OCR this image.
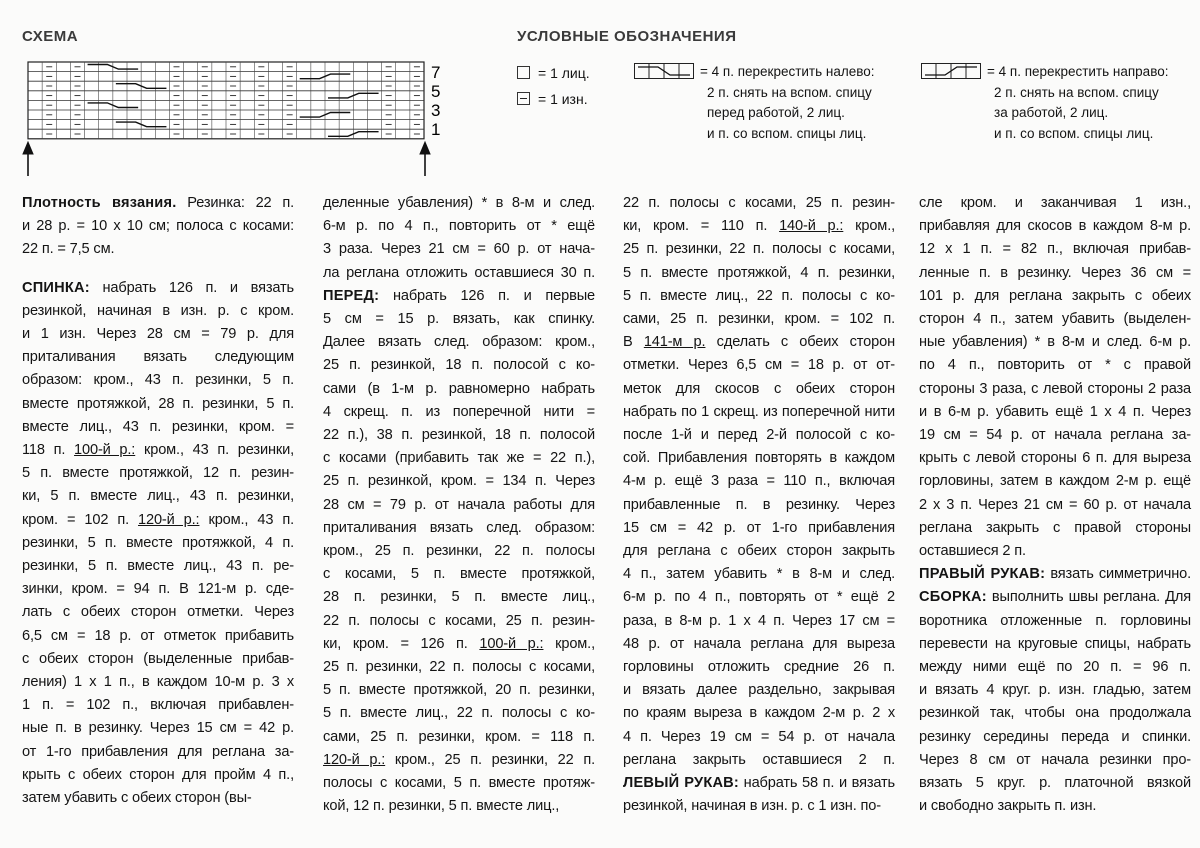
СХЕМА	УСЛОВНЫЕ ОБОЗНАЧЕНИЯ
7
5
3
1
= 1 лиц.
= 1 изн.
= 4 п. перекрестить налево:
2 п. снять на вспом. спицу
перед работой, 2 лиц.
и п. со вспом. спицы лиц.
= 4 п. перекрестить направо:
2 п. снять на вспом. спицу
за работой, 2 лиц.
и п. со вспом. спицы лиц.
Плотность вязания. Резинка: 22 п.
и 28 р. = 10 х 10 см; полоса с косами:
22 п. = 7,5 см.
СПИНКА: набрать 126 п. и вязать
резинкой, начиная в изн. р. с кром.
и 1 изн. Через 28 см = 79 р. для
приталивания вязать следующим
образом: кром., 43 п. резинки, 5 п.
вместе протяжкой, 28 п. резинки, 5 п.
вместе лиц., 43 п. резинки, кром. =
118 п. 100-й р.: кром., 43 п. резинки,
5 п. вместе протяжкой, 12 п. резин-
ки, 5 п. вместе лиц., 43 п. резинки,
кром. = 102 п. 120-й р.: кром., 43 п.
резинки, 5 п. вместе протяжкой, 4 п.
резинки, 5 п. вместе лиц., 43 п. ре-
зинки, кром. = 94 п. В 121-м р. сде-
лать с обеих сторон отметки. Через
6,5 см = 18 р. от отметок прибавить
с обеих сторон (выделенные прибав-
ления) 1 х 1 п., в каждом 10-м р. 3 х
1 п. = 102 п., включая прибавлен-
ные п. в резинку. Через 15 см = 42 р.
от 1-го прибавления для реглана за-
крыть с обеих сторон для пройм 4 п.,
затем убавить с обеих сторон (вы-
деленные убавления) * в 8-м и след.
6-м р. по 4 п., повторить от * ещё
3 раза. Через 21 см = 60 р. от нача-
ла реглана отложить оставшиеся 30 п.
ПЕРЕД: набрать 126 п. и первые
5 см = 15 р. вязать, как спинку.
Далее вязать след. образом: кром.,
25 п. резинкой, 18 п. полосой с ко-
сами (в 1-м р. равномерно набрать
4 скрещ. п. из поперечной нити =
22 п.), 38 п. резинкой, 18 п. полосой
с косами (прибавить так же = 22 п.),
25 п. резинкой, кром. = 134 п. Через
28 см = 79 р. от начала работы для
приталивания вязать след. образом:
кром., 25 п. резинки, 22 п. полосы
с косами, 5 п. вместе протяжкой,
28 п. резинки, 5 п. вместе лиц.,
22 п. полосы с косами, 25 п. резин-
ки, кром. = 126 п. 100-й р.: кром.,
25 п. резинки, 22 п. полосы с косами,
5 п. вместе протяжкой, 20 п. резинки,
5 п. вместе лиц., 22 п. полосы с ко-
сами, 25 п. резинки, кром. = 118 п.
120-й р.: кром., 25 п. резинки, 22 п.
полосы с косами, 5 п. вместе протяж-
кой, 12 п. резинки, 5 п. вместе лиц.,
22 п. полосы с косами, 25 п. резин-
ки, кром. = 110 п. 140-й р.: кром.,
25 п. резинки, 22 п. полосы с косами,
5 п. вместе протяжкой, 4 п. резинки,
5 п. вместе лиц., 22 п. полосы с ко-
сами, 25 п. резинки, кром. = 102 п.
В 141-м р. сделать с обеих сторон
отметки. Через 6,5 см = 18 р. от от-
меток для скосов с обеих сторон
набрать по 1 скрещ. из поперечной нити
после 1-й и перед 2-й полосой с ко-
сой. Прибавления повторять в каждом
4-м р. ещё 3 раза = 110 п., включая
прибавленные п. в резинку. Через
15 см = 42 р. от 1-го прибавления
для реглана с обеих сторон закрыть
4 п., затем убавить * в 8-м и след.
6-м р. по 4 п., повторять от * ещё 2
раза, в 8-м р. 1 х 4 п. Через 17 см =
48 р. от начала реглана для выреза
горловины отложить средние 26 п.
и вязать далее раздельно, закрывая
по краям выреза в каждом 2-м р. 2 х
4 п. Через 19 см = 54 р. от начала
реглана закрыть оставшиеся 2 п.
ЛЕВЫЙ РУКАВ: набрать 58 п. и вязать
резинкой, начиная в изн. р. с 1 изн. по-
сле кром. и заканчивая 1 изн.,
прибавляя для скосов в каждом 8-м р.
12 х 1 п. = 82 п., включая прибав-
ленные п. в резинку. Через 36 см =
101 р. для реглана закрыть с обеих
сторон 4 п., затем убавить (выделен-
ные убавления) * в 8-м и след. 6-м р.
по 4 п., повторить от * с правой
стороны 3 раза, с левой стороны 2 раза
и в 6-м р. убавить ещё 1 х 4 п. Через
19 см = 54 р. от начала реглана за-
крыть с левой стороны 6 п. для выреза
горловины, затем в каждом 2-м р. ещё
2 х 3 п. Через 21 см = 60 р. от начала
реглана закрыть с правой стороны
оставшиеся 2 п.
ПРАВЫЙ РУКАВ: вязать симметрично.
СБОРКА: выполнить швы реглана. Для
воротника отложенные п. горловины
перевести на круговые спицы, набрать
между ними ещё по 20 п. = 96 п.
и вязать 4 круг. р. изн. гладью, затем
резинкой так, чтобы она продолжала
резинку середины переда и спинки.
Через 8 см от начала резинки про-
вязать 5 круг. р. платочной вязкой
и свободно закрыть п. изн.
